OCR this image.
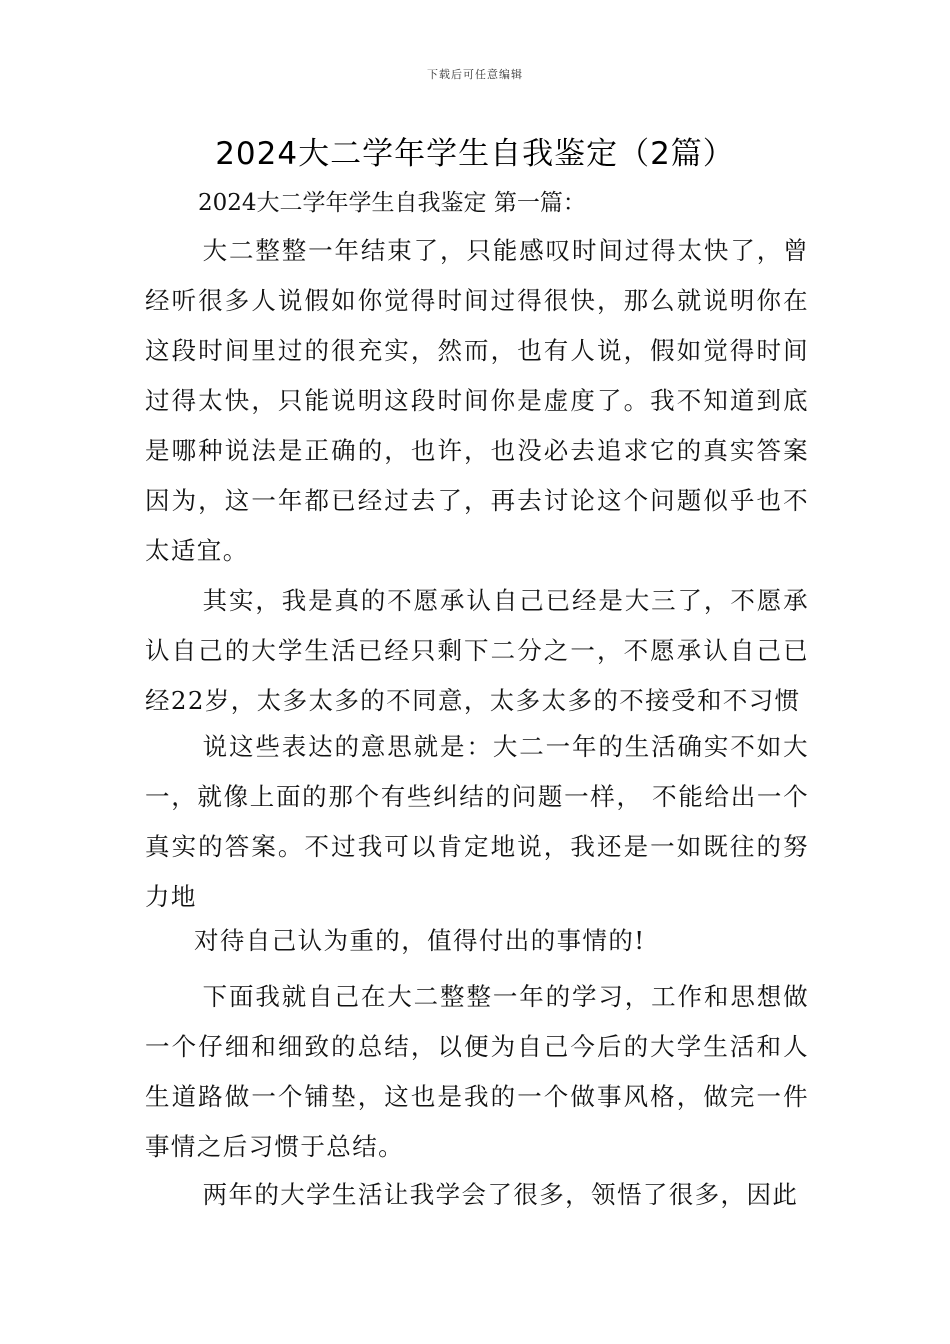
下载后可任意编辑
2024大二学年学生自我鉴定（2篇）
2024大二学年学生自我鉴定 第一篇：

大二整整一年结束了，只能感叹时间过得太快了，曾经听很多人说假如你觉得时间过得很快，那么就说明你在这段时间里过的很充实，然而，也有人说，假如觉得时间过得太快，只能说明这段时间你是虚度了。我不知道到底是哪种说法是正确的，也许，也没必去追求它的真实答案因为，这一年都已经过去了，再去讨论这个问题似乎也不太适宜。

其实，我是真的不愿承认自己已经是大三了，不愿承认自己的大学生活已经只剩下二分之一，不愿承认自己已经22岁，太多太多的不同意，太多太多的不接受和不习惯

说这些表达的意思就是：大二一年的生活确实不如大一，就像上面的那个有些纠结的问题一样， 不能给出一个真实的答案。不过我可以肯定地说，我还是一如既往的努力地

对待自己认为重的，值得付出的事情的!

下面我就自己在大二整整一年的学习，工作和思想做一个仔细和细致的总结，以便为自己今后的大学生活和人生道路做一个铺垫，这也是我的一个做事风格，做完一件事情之后习惯于总结。

两年的大学生活让我学会了很多，领悟了很多，因此
